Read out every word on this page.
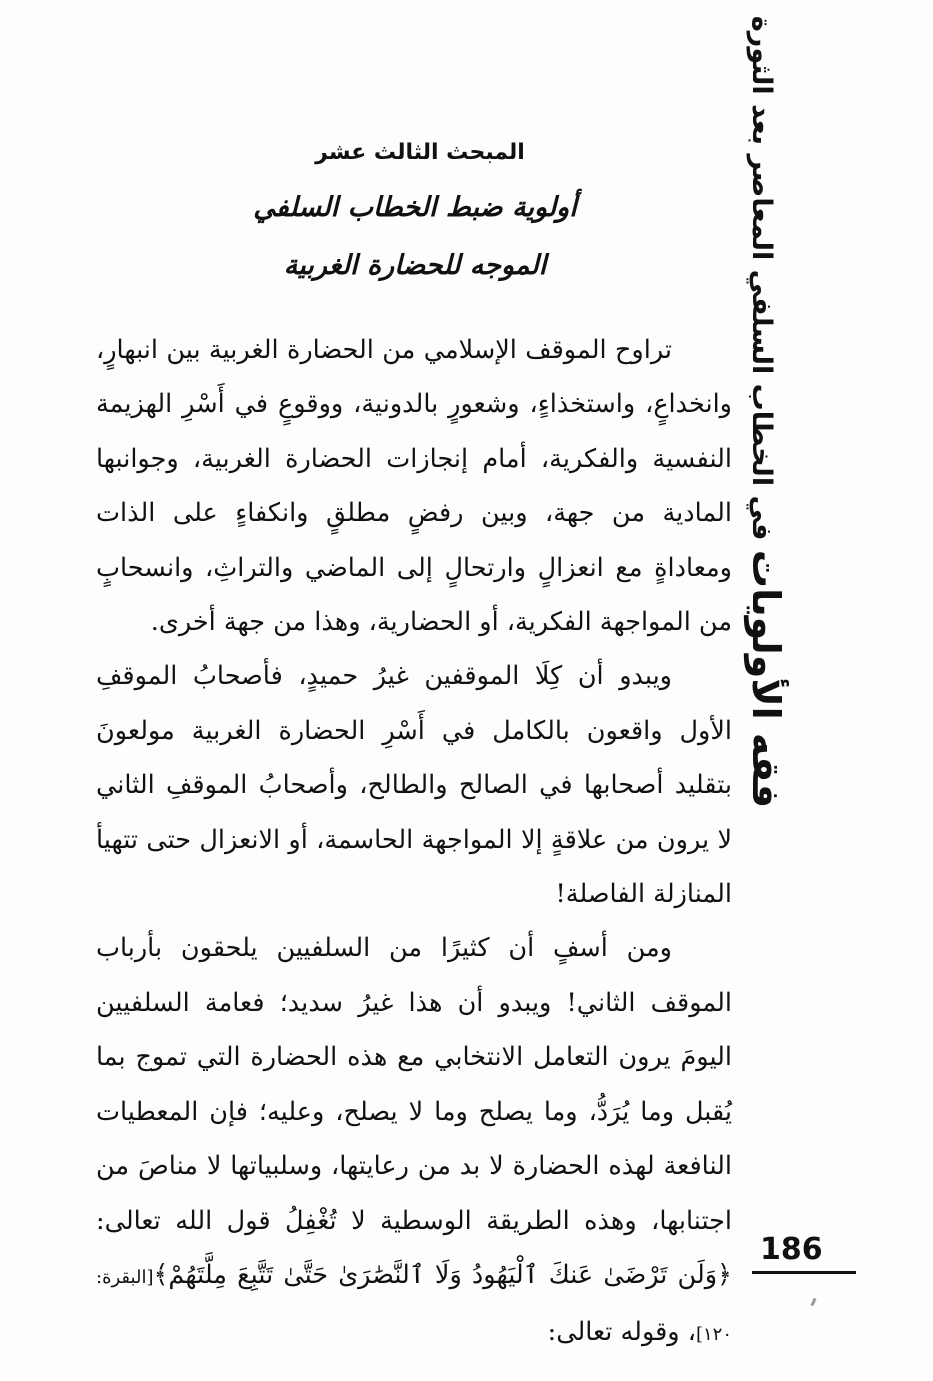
فقه الأولويات في الخطاب السلفي المعاصر بعد الثورة
المبحث الثالث عشر
أولوية ضبط الخطاب السلفي
الموجه للحضارة الغربية

تراوح الموقف الإسلامي من الحضارة الغربية بين انبهارٍ، وانخداعٍ، واستخذاءٍ، وشعورٍ بالدونية، ووقوعٍ في أَسْرِ الهزيمة النفسية والفكرية، أمام إنجازات الحضارة الغربية، وجوانبها المادية من جهة، وبين رفضٍ مطلقٍ وانكفاءٍ على الذات ومعاداةٍ مع انعزالٍ وارتحالٍ إلى الماضي والتراثِ، وانسحابٍ من المواجهة الفكرية، أو الحضارية، وهذا من جهة أخرى.

ويبدو أن كِلَا الموقفين غيرُ حميدٍ، فأصحابُ الموقفِ الأول واقعون بالكامل في أَسْرِ الحضارة الغربية مولعونَ بتقليد أصحابها في الصالح والطالح، وأصحابُ الموقفِ الثاني لا يرون من علاقةٍ إلا المواجهة الحاسمة، أو الانعزال حتى تتهيأ المنازلة الفاصلة!

ومن أسفٍ أن كثيرًا من السلفيين يلحقون بأرباب الموقف الثاني! ويبدو أن هذا غيرُ سديد؛ فعامة السلفيين اليومَ يرون التعامل الانتخابي مع هذه الحضارة التي تموج بما يُقبل وما يُرَدُّ، وما يصلح وما لا يصلح، وعليه؛ فإن المعطيات النافعة لهذه الحضارة لا بد من رعايتها، وسلبياتها لا مناصَ من اجتنابها، وهذه الطريقة الوسطية لا تُغْفِلُ قول الله تعالى: ﴿وَلَن تَرْضَىٰ عَنكَ ٱلْيَهُودُ وَلَا ٱلنَّصَٰرَىٰ حَتَّىٰ تَتَّبِعَ مِلَّتَهُمْ﴾[البقرة: ١٢٠]، وقوله تعالى:

186
